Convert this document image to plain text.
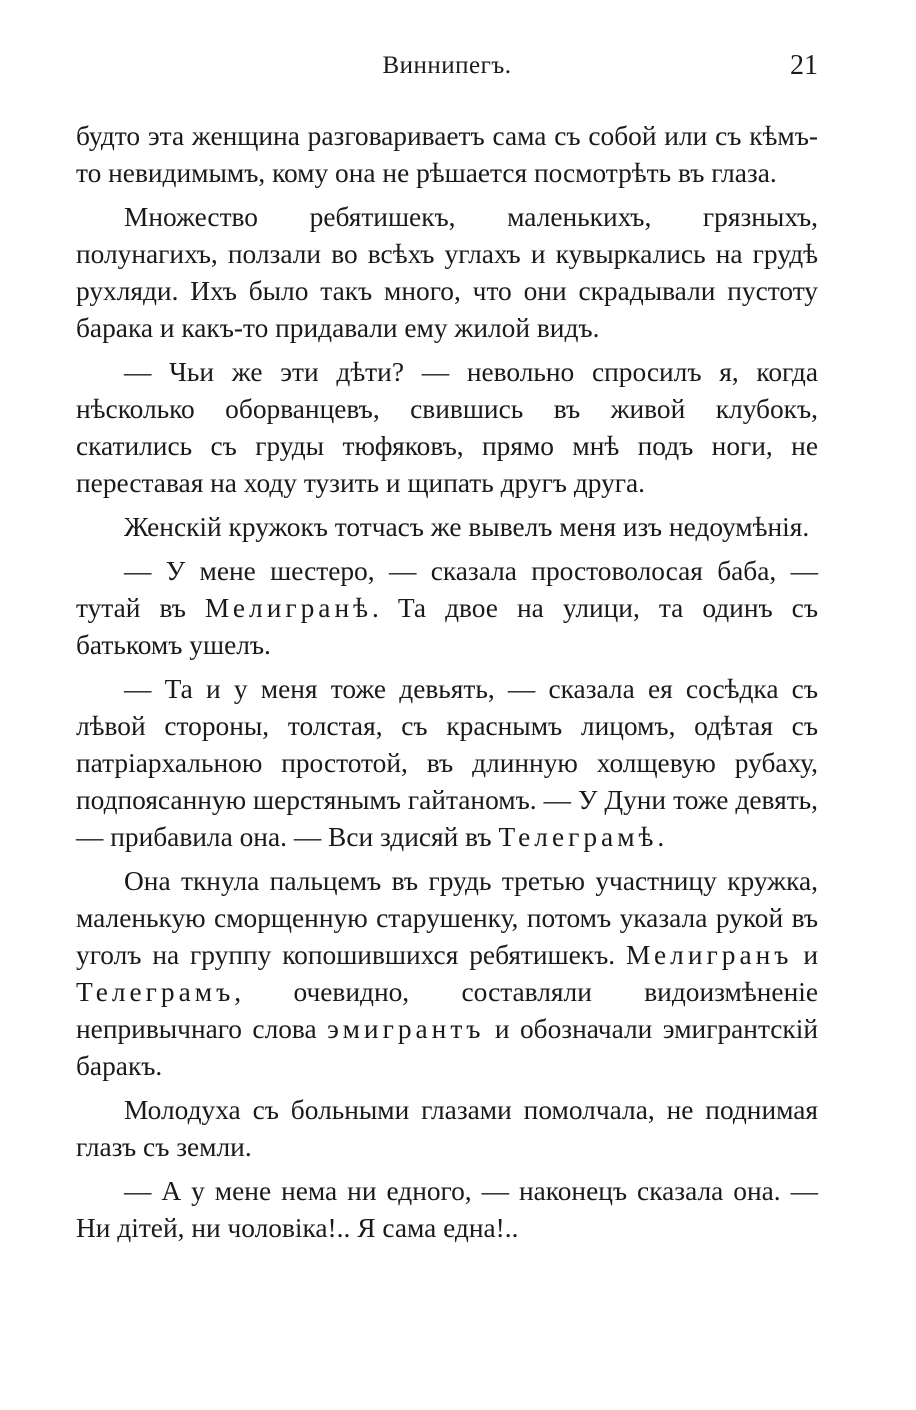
Виннипегъ.	21

будто эта женщина разговариваетъ сама съ собой или съ кѣмъ-то невидимымъ, кому она не рѣшается посмотрѣть въ глаза.

Множество ребятишекъ, маленькихъ, грязныхъ, полунагихъ, ползали во всѣхъ углахъ и кувыркались на грудѣ рухляди. Ихъ было такъ много, что они скрадывали пустоту барака и какъ-то придавали ему жилой видъ.

— Чьи же эти дѣти? — невольно спросилъ я, когда нѣсколько оборванцевъ, свившись въ живой клубокъ, скатились съ груды тюфяковъ, прямо мнѣ подъ ноги, не переставая на ходу тузить и щипать другъ друга.

Женскій кружокъ тотчасъ же вывелъ меня изъ недоумѣнія.

— У мене шестеро, — сказала простоволосая баба, — тутай въ Мелигранѣ. Та двое на улици, та одинъ съ батькомъ ушелъ.

— Та и у меня тоже девьять, — сказала ея сосѣдка съ лѣвой стороны, толстая, съ краснымъ лицомъ, одѣтая съ патріархальною простотой, въ длинную холщевую рубаху, подпоясанную шерстянымъ гайтаномъ. — У Дуни тоже девять, — прибавила она. — Вси здисяй въ Телеграмѣ.

Она ткнула пальцемъ въ грудь третью участницу кружка, маленькую сморщенную старушенку, потомъ указала рукой въ уголъ на группу копошившихся ребятишекъ. Мелигранъ и Телеграмъ, очевидно, составляли видоизмѣненіе непривычнаго слова эмигрантъ и обозначали эмигрантскій баракъ.

Молодуха съ больными глазами помолчала, не поднимая глазъ съ земли.

— А у мене нема ни едного, — наконецъ сказала она. — Ни дітей, ни чоловіка!.. Я сама една!..
